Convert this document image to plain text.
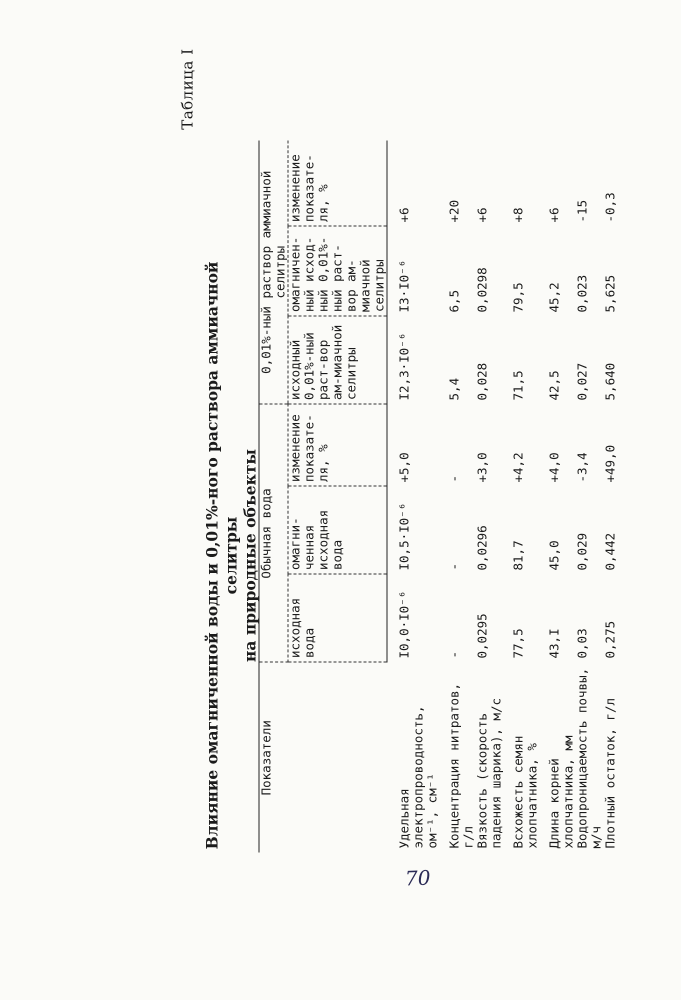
Таблица I
Влияние омагниченной воды и 0,01%-ного раствора аммиачной селитры на природные объекты
Показатели	Обычная вода			0,01%-ный раствор аммиачной селитры		
	исходная вода	омагни-ченная исходная вода	изменение показате-ля, %	исходный 0,01%-ный раст-вор ам-миачной селитры	омагничен-ный исход-ный 0,01%-ный раст-вор ам-миачной селитры	изменение показате-ля, %
Удельная электропроводность, ом⁻¹, см⁻¹	I0,0·I0⁻⁶	I0,5·I0⁻⁶	+5,0	I2,3·I0⁻⁶	I3·I0⁻⁶	+6
Концентрация нитратов, г/л	-	-	-	5,4	6,5	+20
Вязкость (скорость падения шарика), м/с	0,0295	0,0296	+3,0	0,028	0,0298	+6
Всхожесть семян хлопчатника, %	77,5	81,7	+4,2	71,5	79,5	+8
Длина корней хлопчатника, мм	43,I	45,0	+4,0	42,5	45,2	+6
Водопроницаемость почвы, м/ч	0,03	0,029	-3,4	0,027	0,023	-15
Плотный остаток, г/л	0,275	0,442	+49,0	5,640	5,625	-0,3
70
